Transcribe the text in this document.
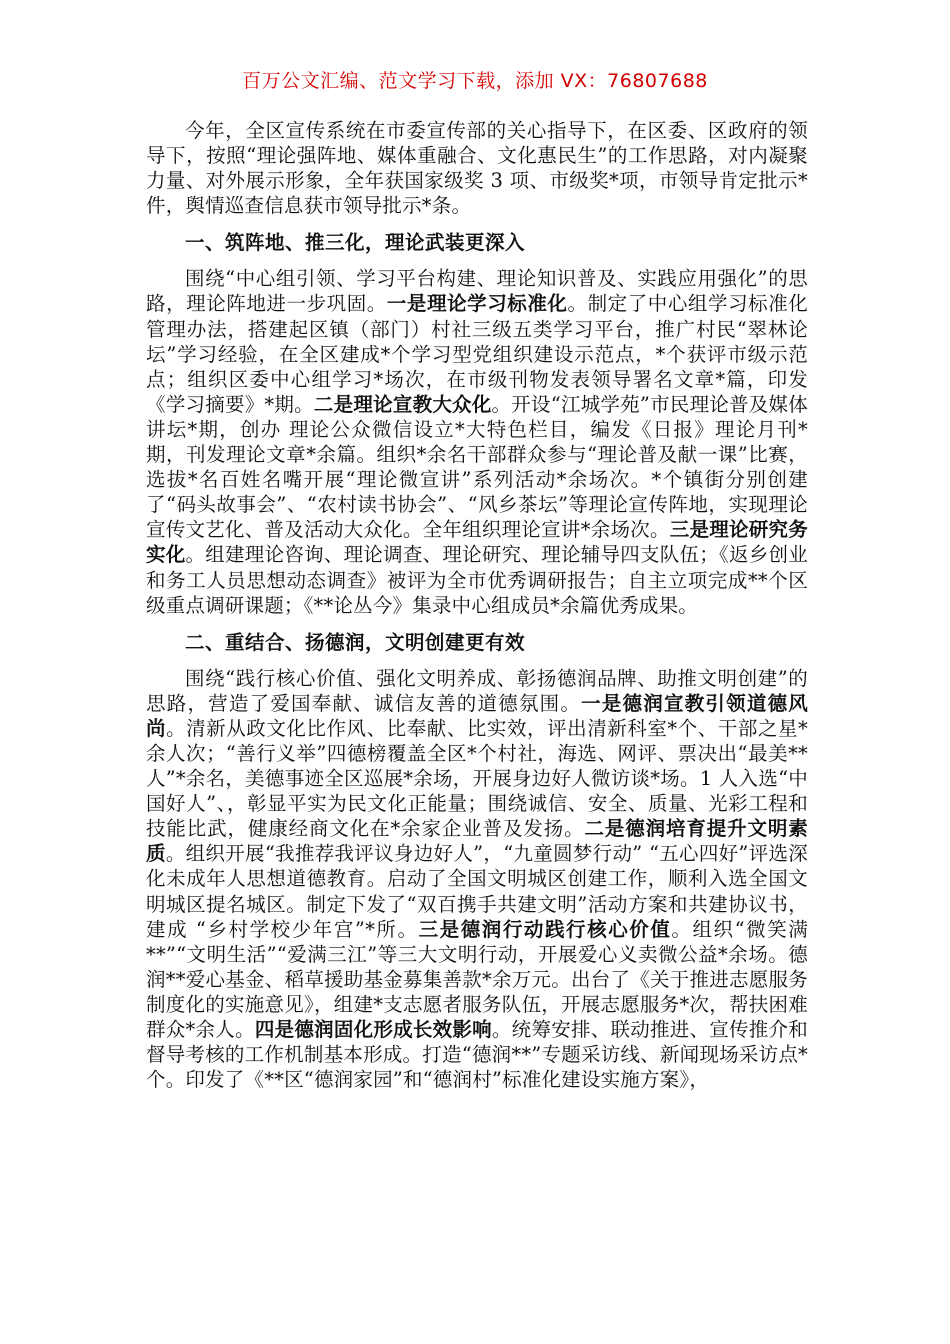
百万公文汇编、范文学习下载，添加 VX：76807688

今年，全区宣传系统在市委宣传部的关心指导下，在区委、区政府的领导下，按照“理论强阵地、媒体重融合、文化惠民生”的工作思路，对内凝聚力量、对外展示形象，全年获国家级奖 3 项、市级奖*项，市领导肯定批示*件，舆情巡查信息获市领导批示*条。

一、筑阵地、推三化，理论武装更深入

围绕“中心组引领、学习平台构建、理论知识普及、实践应用强化”的思路，理论阵地进一步巩固。一是理论学习标准化。制定了中心组学习标准化管理办法，搭建起区镇（部门）村社三级五类学习平台，推广村民“翠林论坛”学习经验，在全区建成*个学习型党组织建设示范点，*个获评市级示范点；组织区委中心组学习*场次，在市级刊物发表领导署名文章*篇，印发《学习摘要》*期。二是理论宣教大众化。开设“江城学苑”市民理论普及媒体讲坛*期，创办 理论公众微信设立*大特色栏目，编发《日报》理论月刊*期，刊发理论文章*余篇。组织*余名干部群众参与“理论普及献一课”比赛，选拔*名百姓名嘴开展“理论微宣讲”系列活动*余场次。*个镇街分别创建了“码头故事会”、“农村读书协会”、“风乡茶坛”等理论宣传阵地，实现理论宣传文艺化、普及活动大众化。全年组织理论宣讲*余场次。三是理论研究务实化。组建理论咨询、理论调查、理论研究、理论辅导四支队伍；《返乡创业和务工人员思想动态调查》被评为全市优秀调研报告；自主立项完成**个区级重点调研课题；《**论丛今》集录中心组成员*余篇优秀成果。

二、重结合、扬德润，文明创建更有效

围绕“践行核心价值、强化文明养成、彰扬德润品牌、助推文明创建”的思路，营造了爱国奉献、诚信友善的道德氛围。一是德润宣教引领道德风尚。清新从政文化比作风、比奉献、比实效，评出清新科室*个、干部之星*余人次；“善行义举”四德榜覆盖全区*个村社，海选、网评、票决出“最美**人”*余名，美德事迹全区巡展*余场，开展身边好人微访谈*场。1 人入选“中国好人”、，彰显平实为民文化正能量；围绕诚信、安全、质量、光彩工程和技能比武，健康经商文化在*余家企业普及发扬。二是德润培育提升文明素质。组织开展“我推荐我评议身边好人”，“九童圆梦行动” “五心四好”评选深化未成年人思想道德教育。启动了全国文明城区创建工作，顺利入选全国文明城区提名城区。制定下发了“双百携手共建文明”活动方案和共建协议书，建成 “乡村学校少年宫”*所。三是德润行动践行核心价值。组织“微笑满**”“文明生活”“爱满三江”等三大文明行动，开展爱心义卖微公益*余场。德润**爱心基金、稻草援助基金募集善款*余万元。出台了《关于推进志愿服务制度化的实施意见》，组建*支志愿者服务队伍，开展志愿服务*次，帮扶困难群众*余人。四是德润固化形成长效影响。统筹安排、联动推进、宣传推介和督导考核的工作机制基本形成。打造“德润**”专题采访线、新闻现场采访点*个。印发了《**区“德润家园”和“德润村”标准化建设实施方案》，
